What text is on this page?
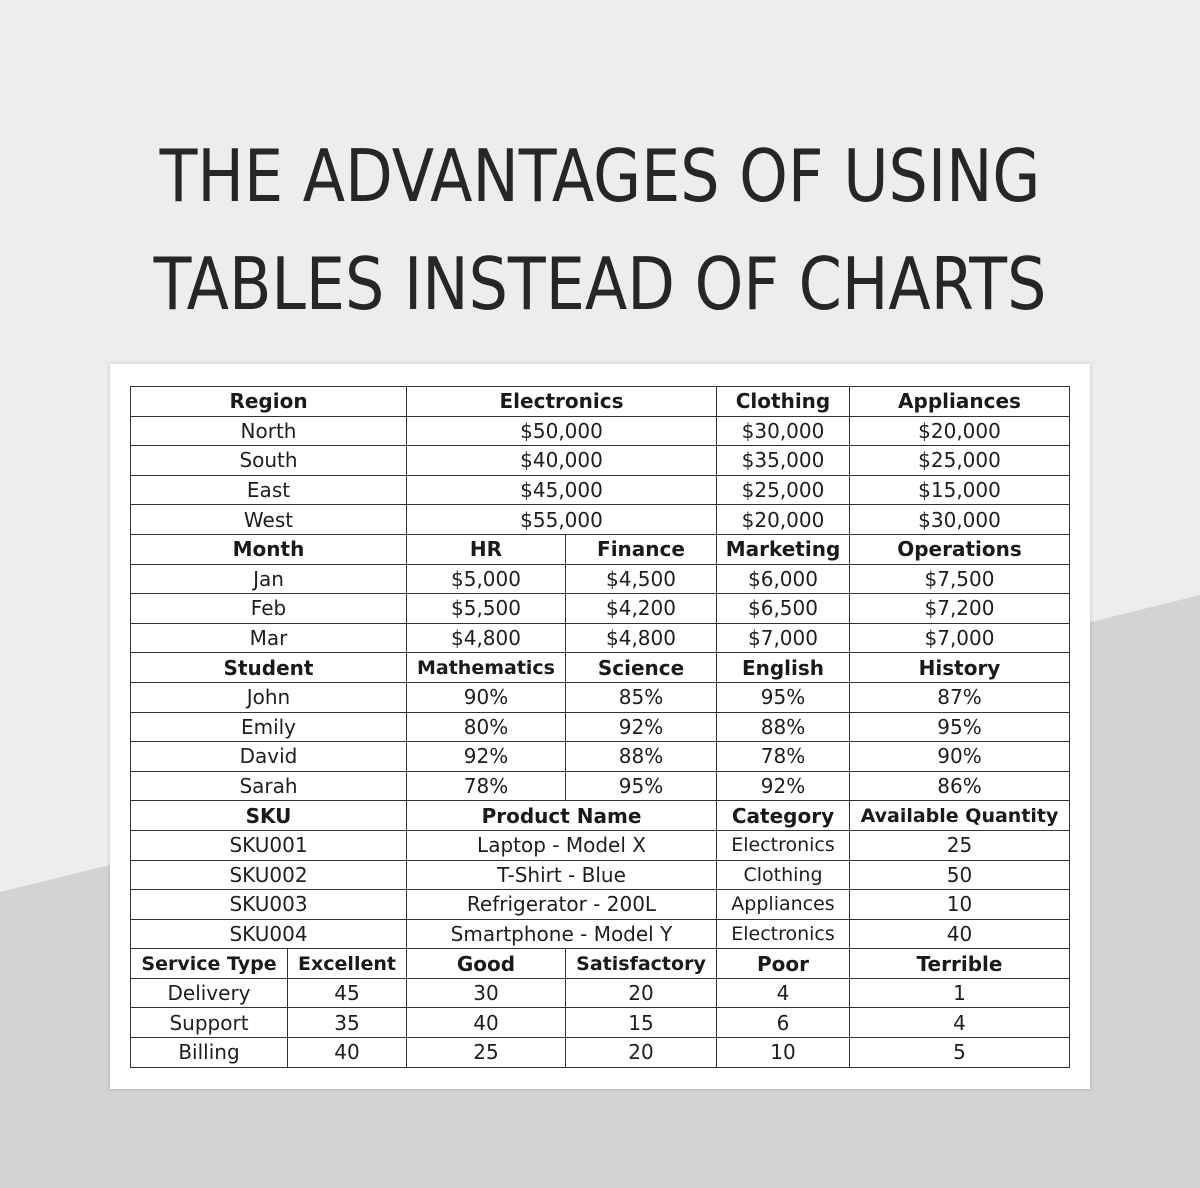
THE ADVANTAGES OF USING
TABLES INSTEAD OF CHARTS
Region		Electronics		Clothing	Appliances
North		$50,000		$30,000	$20,000
South		$40,000		$35,000	$25,000
East		$45,000		$25,000	$15,000
West		$55,000		$20,000	$30,000
Month		HR	Finance	Marketing	Operations
Jan		$5,000	$4,500	$6,000	$7,500
Feb		$5,500	$4,200	$6,500	$7,200
Mar		$4,800	$4,800	$7,000	$7,000
Student		Mathematics	Science	English	History
John		90%	85%	95%	87%
Emily		80%	92%	88%	95%
David		92%	88%	78%	90%
Sarah		78%	95%	92%	86%
SKU		Product Name		Category	Available Quantity
SKU001		Laptop - Model X		Electronics	25
SKU002		T-Shirt - Blue		Clothing	50
SKU003		Refrigerator - 200L		Appliances	10
SKU004		Smartphone - Model Y		Electronics	40
Service Type	Excellent	Good	Satisfactory	Poor	Terrible
Delivery	45	30	20	4	1
Support	35	40	15	6	4
Billing	40	25	20	10	5
